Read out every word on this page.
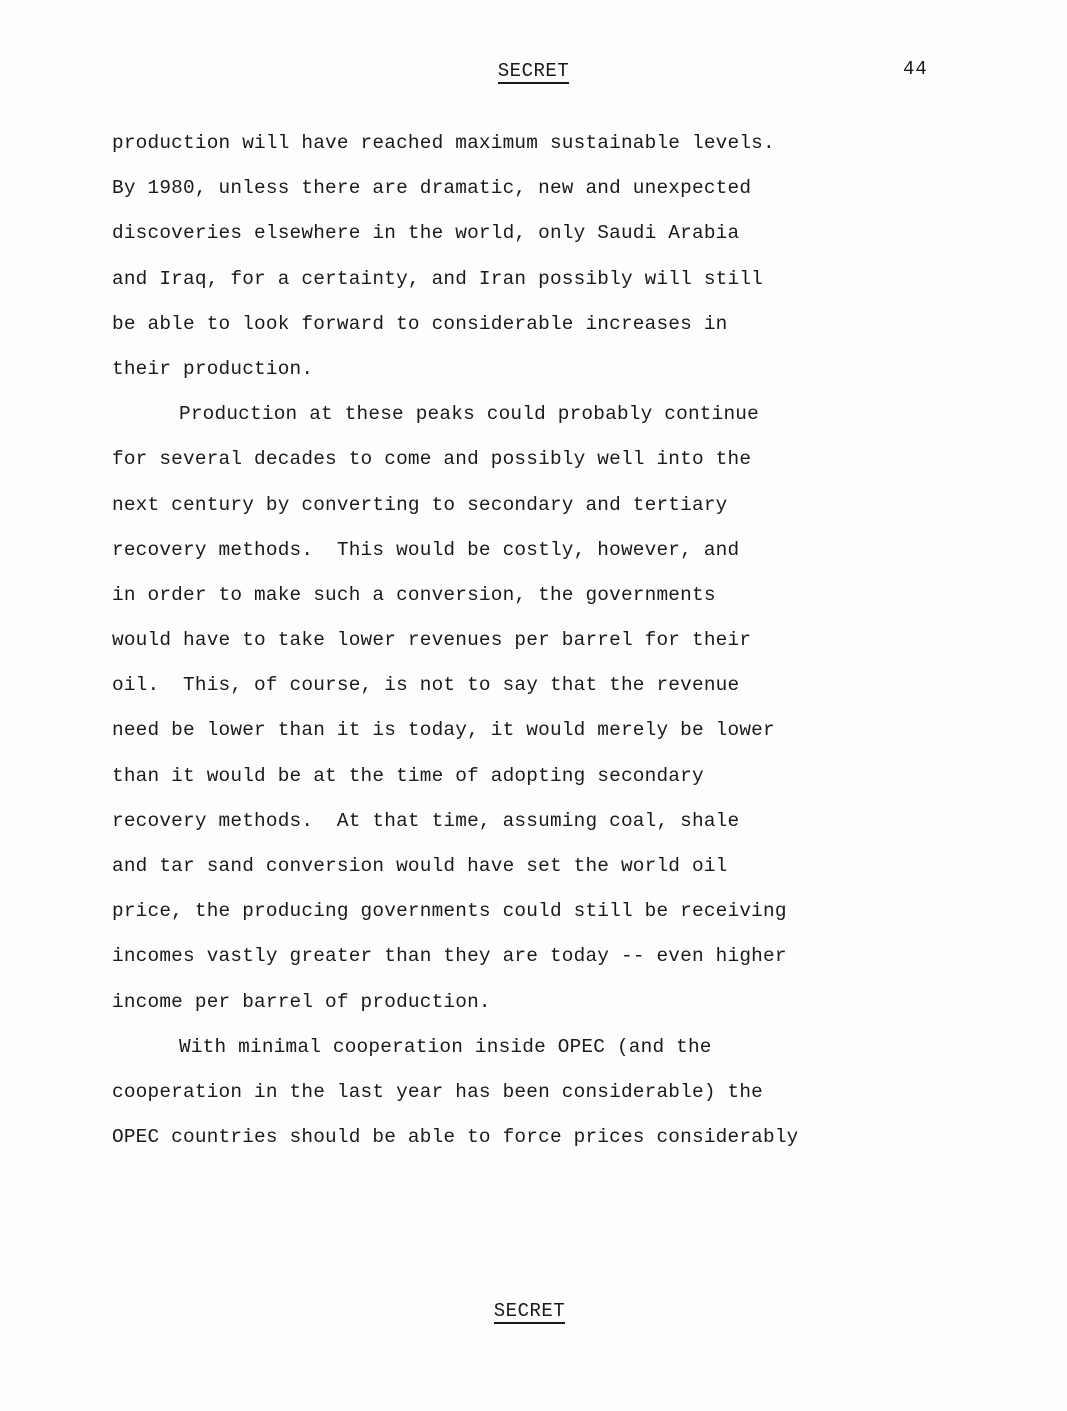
SECRET	44
production will have reached maximum sustainable levels.
By 1980, unless there are dramatic, new and unexpected
discoveries elsewhere in the world, only Saudi Arabia
and Iraq, for a certainty, and Iran possibly will still
be able to look forward to considerable increases in
their production.
Production at these peaks could probably continue
for several decades to come and possibly well into the
next century by converting to secondary and tertiary
recovery methods.  This would be costly, however, and
in order to make such a conversion, the governments
would have to take lower revenues per barrel for their
oil.  This, of course, is not to say that the revenue
need be lower than it is today, it would merely be lower
than it would be at the time of adopting secondary
recovery methods.  At that time, assuming coal, shale
and tar sand conversion would have set the world oil
price, the producing governments could still be receiving
incomes vastly greater than they are today -- even higher
income per barrel of production.
With minimal cooperation inside OPEC (and the
cooperation in the last year has been considerable) the
OPEC countries should be able to force prices considerably
SECRET
